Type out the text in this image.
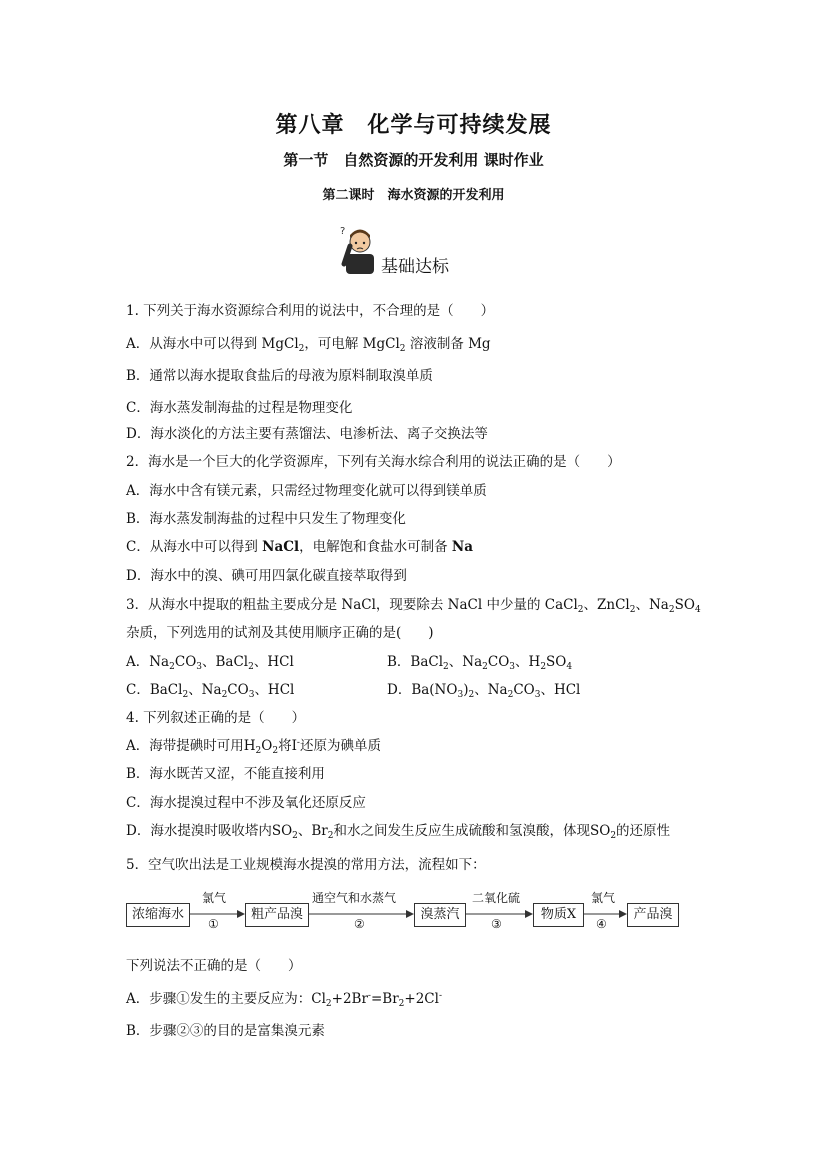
第八章　化学与可持续发展
第一节　自然资源的开发利用 课时作业
第二课时　海水资源的开发利用
?
基础达标
1. 下列关于海水资源综合利用的说法中，不合理的是（　　）
A．从海水中可以得到 MgCl$_2$，可电解 MgCl$_2$ 溶液制备 Mg
B．通常以海水提取食盐后的母液为原料制取溴单质
C．海水蒸发制海盐的过程是物理变化
D．海水淡化的方法主要有蒸馏法、电渗析法、离子交换法等
2．海水是一个巨大的化学资源库，下列有关海水综合利用的说法正确的是（　　）
A．海水中含有镁元素，只需经过物理变化就可以得到镁单质
B．海水蒸发制海盐的过程中只发生了物理变化
C．从海水中可以得到 NaCl，电解饱和食盐水可制备 Na
D．海水中的溴、碘可用四氯化碳直接萃取得到
3．从海水中提取的粗盐主要成分是 NaCl，现要除去 NaCl 中少量的 CaCl$_2$、ZnCl$_2$、$Na_2SO_4$
杂质，下列选用的试剂及其使用顺序正确的是(　　)
A．$Na_2CO_3$、BaCl$_2$、HCl	B．BaCl$_2$、$Na_2CO_3$、$H_2SO_4$
C．BaCl$_2$、$Na_2CO_3$、HCl	D．$Ba(NO_3)_2$、$Na_2CO_3$、HCl
4. 下列叙述正确的是（　　）
A．海带提碘时可用$H_2O_2$将I-还原为碘单质
B．海水既苦又涩，不能直接利用
C．海水提溴过程中不涉及氧化还原反应
D．海水提溴时吸收塔内$SO_2$、$Br_2$和水之间发生反应生成硫酸和氢溴酸，体现$SO_2$的还原性
5．空气吹出法是工业规模海水提溴的常用方法，流程如下：
浓缩海水	粗产品溴	溴蒸汽	物质X	产品溴
氯气
①
通空气和水蒸气
②
二氧化硫
③
氯气
④
下列说法不正确的是（　　）
A．步骤①发生的主要反应为：$Cl_2+2Br^-=Br_2+2Cl^-$
B．步骤②③的目的是富集溴元素
